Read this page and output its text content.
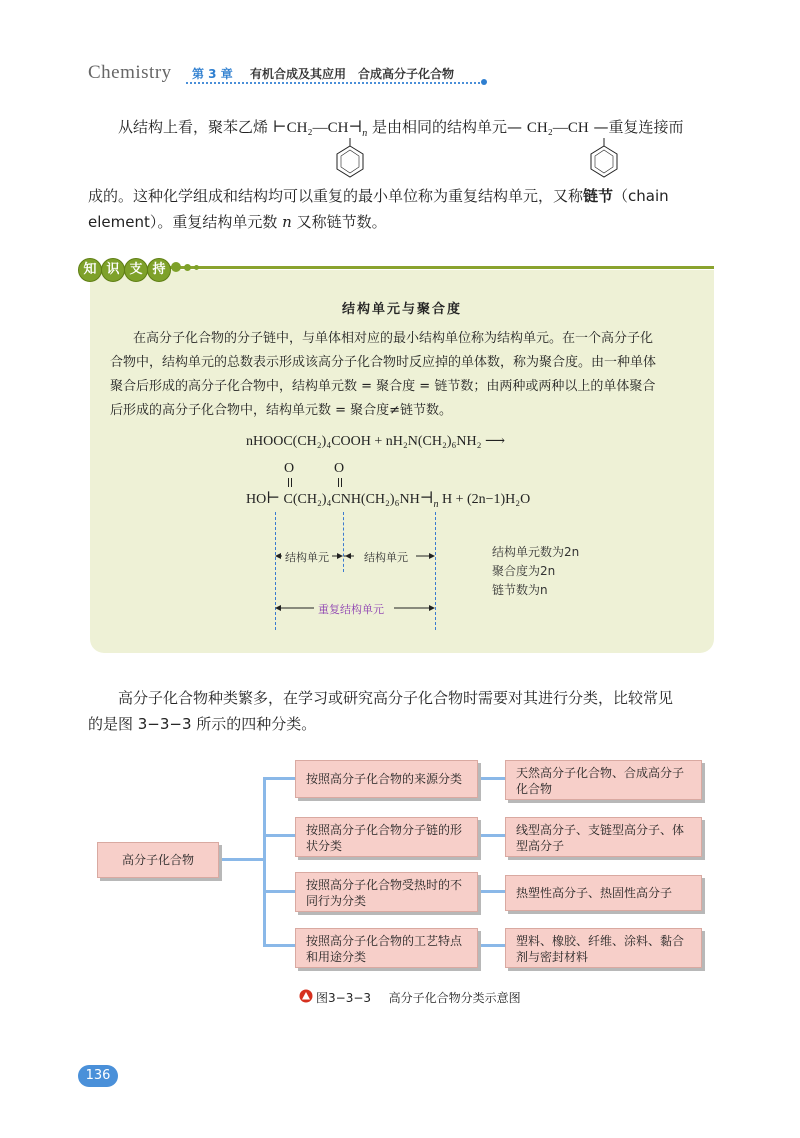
Chemistry 第 3 章 有机合成及其应用　合成高分子化合物
从结构上看，聚苯乙烯 $⊢CH_2—CH⊣_n$ 是由相同的结构单元— CH₂—CH —重复连接而
成的。这种化学组成和结构均可以重复的最小单位称为重复结构单元，又称链节（chain
element）。重复结构单元数 n 又称链节数。
知 识 支 持
结构单元与聚合度
在高分子化合物的分子链中，与单体相对应的最小结构单位称为结构单元。在一个高分子化
合物中，结构单元的总数表示形成该高分子化合物时反应掉的单体数，称为聚合度。由一种单体
聚合后形成的高分子化合物中，结构单元数 = 聚合度 = 链节数；由两种或两种以上的单体聚合
后形成的高分子化合物中，结构单元数 = 聚合度≠链节数。
nHOOC(CH₂)₄COOH + nH₂N(CH₂)₆NH₂ ⟶
O	O
HO⊢ $C(CH_2)_4CNH(CH_2)_6NH⊣_n$ H + (2n−1)H₂O
结构单元	结构单元
重复结构单元
结构单元数为2n
聚合度为2n
链节数为n
高分子化合物种类繁多，在学习或研究高分子化合物时需要对其进行分类，比较常见
的是图 3−3−3 所示的四种分类。
高分子化合物
按照高分子化合物的来源分类
按照高分子化合物分子链的形状分类
按照高分子化合物受热时的不同行为分类
按照高分子化合物的工艺特点和用途分类
天然高分子化合物、合成高分子化合物
线型高分子、支链型高分子、体型高分子
热塑性高分子、热固性高分子
塑料、橡胶、纤维、涂料、黏合剂与密封材料
图3−3−3 高分子化合物分类示意图
136
